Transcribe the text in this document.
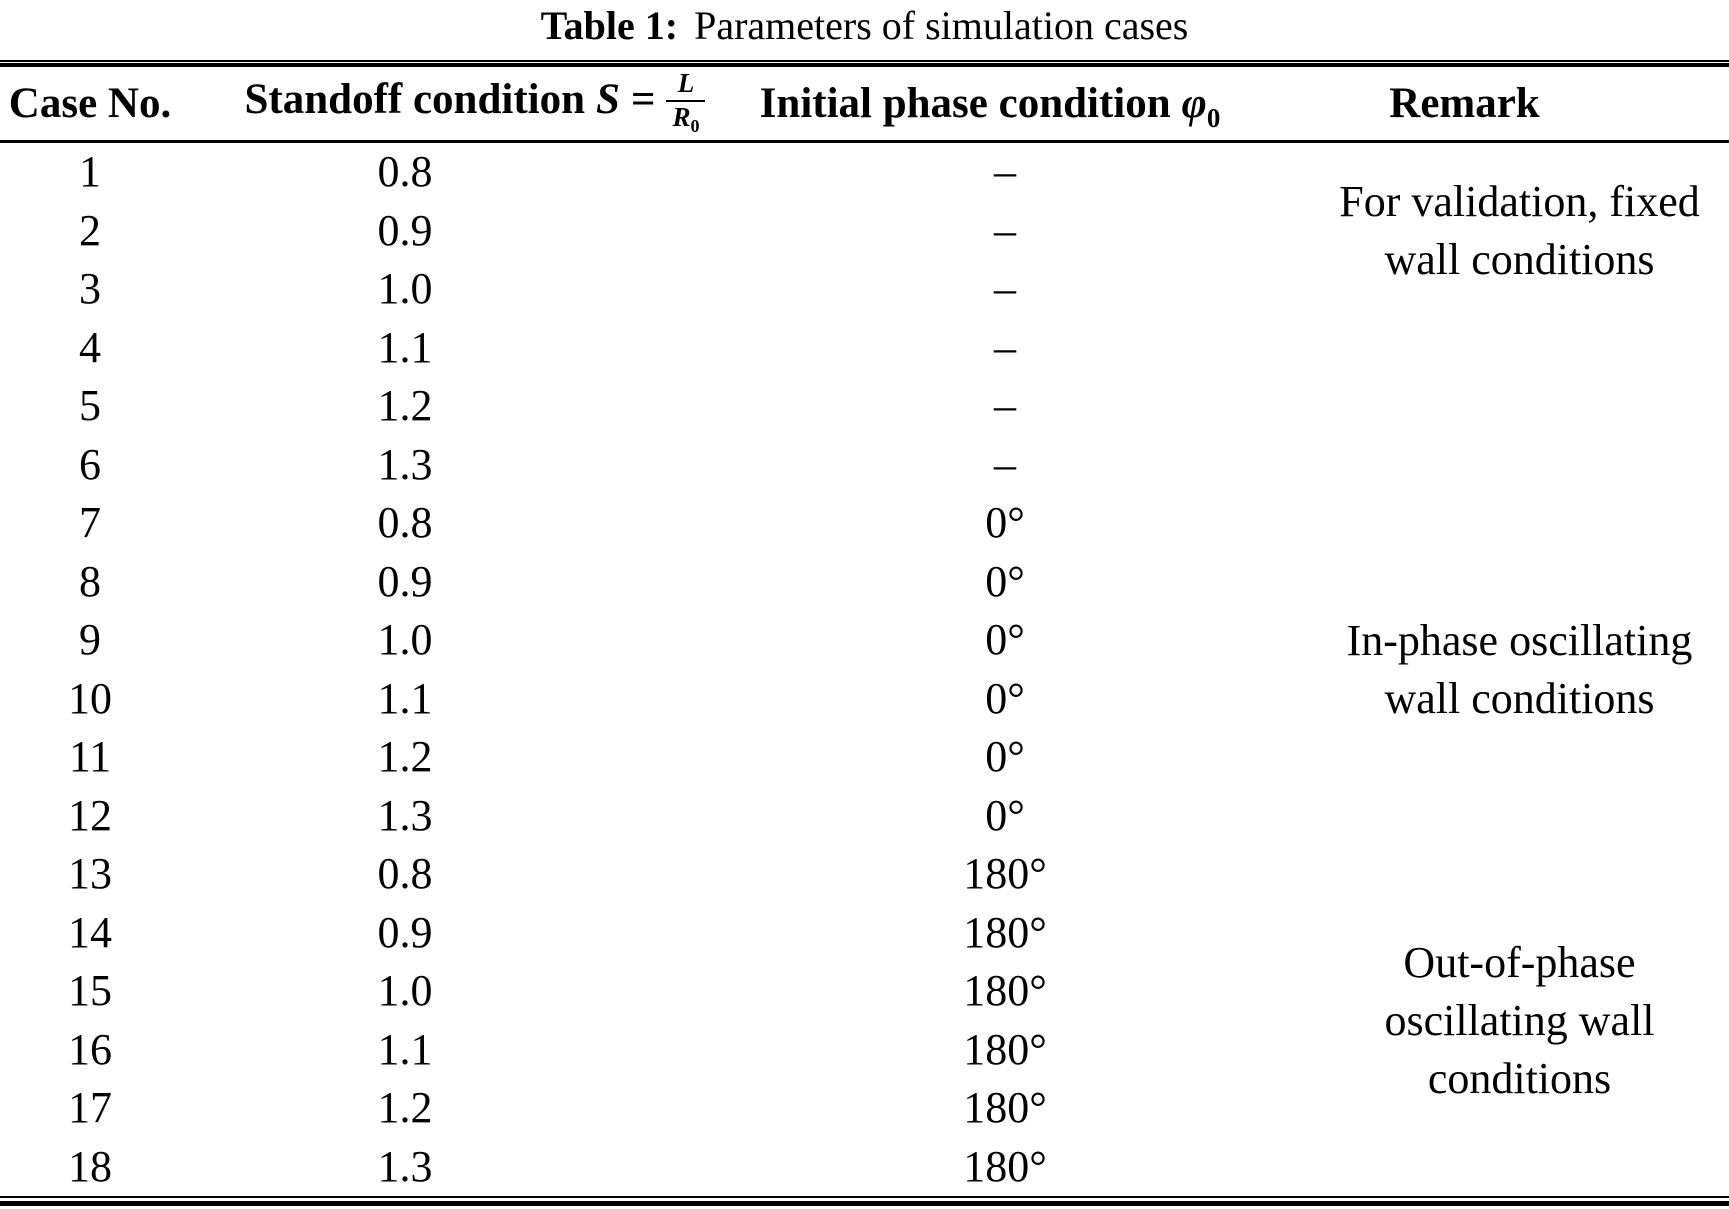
Table 1: Parameters of simulation cases
Case No.	Standoff condition $S = \frac{L}{R_0}$	Initial phase condition $\varphi_0$	Remark
1	0.8	–	For validation, fixed
wall conditions

2	0.9	–	
3	1.0	–	
4	1.1	–	

5	1.2	–	
6	1.3	–	
7	0.8	0°	In-phase oscillating
wall conditions

8	0.9	0°	
9	1.0	0°	
10	1.1	0°	
11	1.2	0°	
12	1.3	0°	
13	0.8	180°	Out-of-phase
oscillating wall
conditions

14	0.9	180°	
15	1.0	180°	
16	1.1	180°	
17	1.2	180°	
18	1.3	180°	
